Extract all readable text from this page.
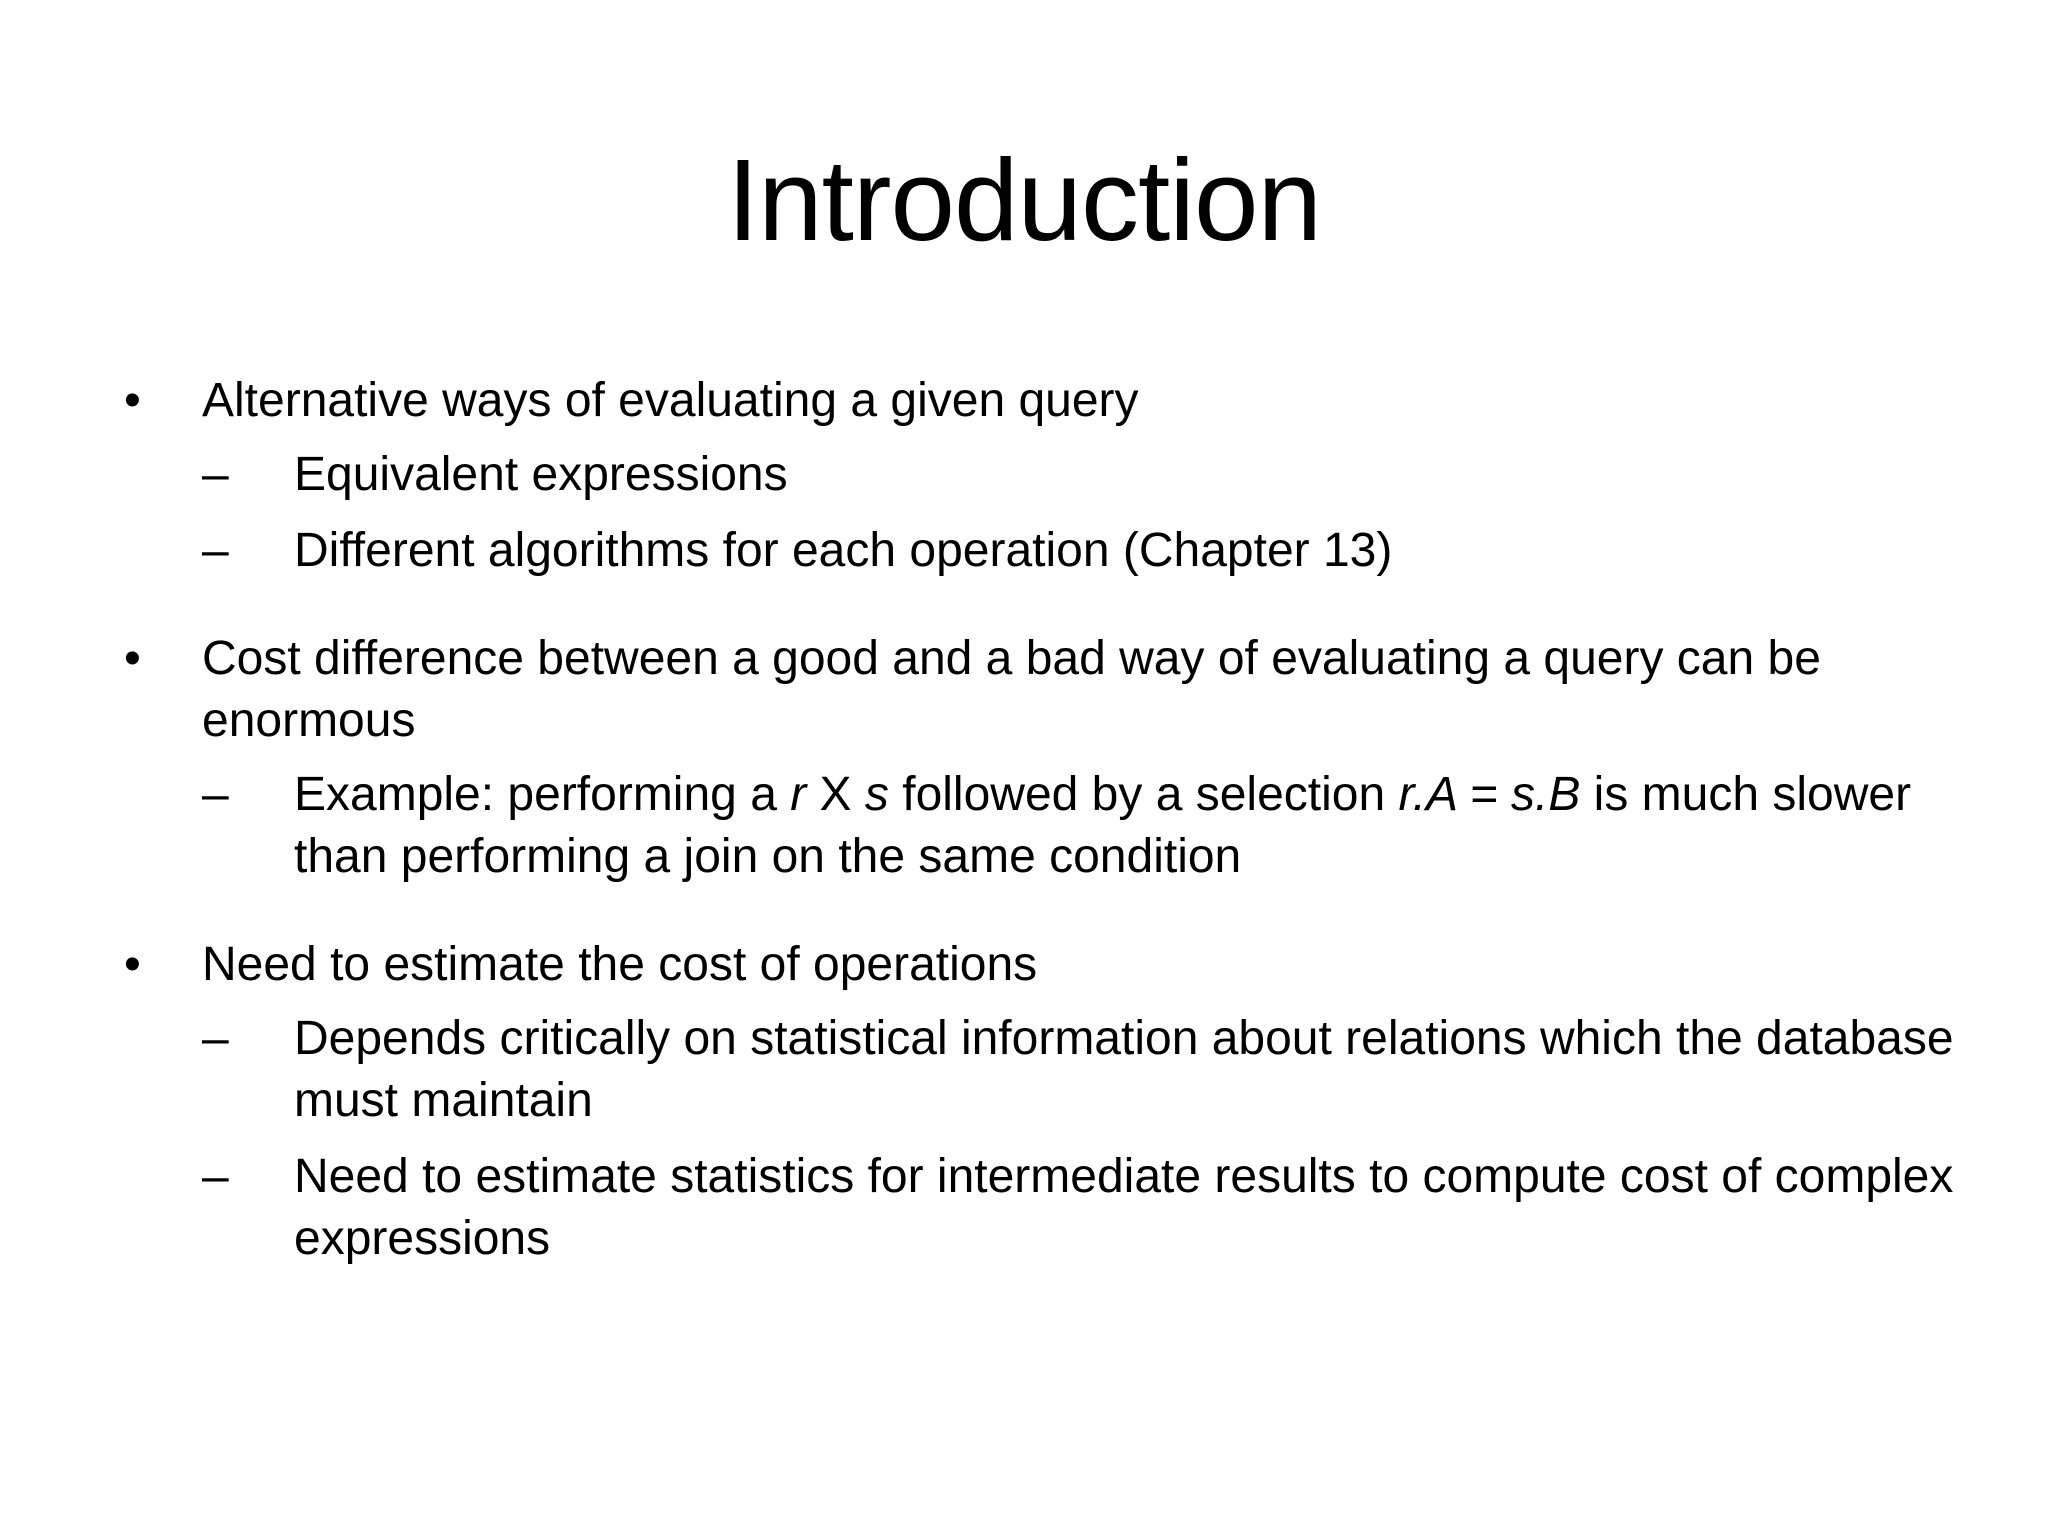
Introduction
• Alternative ways of evaluating a given query
–	Equivalent expressions
–	Different algorithms for each operation (Chapter 13)
• Cost difference between a good and a bad way of evaluating a query can be enormous
–	Example: performing a r X s followed by a selection r.A = s.B is much slower than performing a join on the same condition
• Need to estimate the cost of operations
–	Depends critically on statistical information about relations which the database must maintain
–	Need to estimate statistics for intermediate results to compute cost of complex expressions
